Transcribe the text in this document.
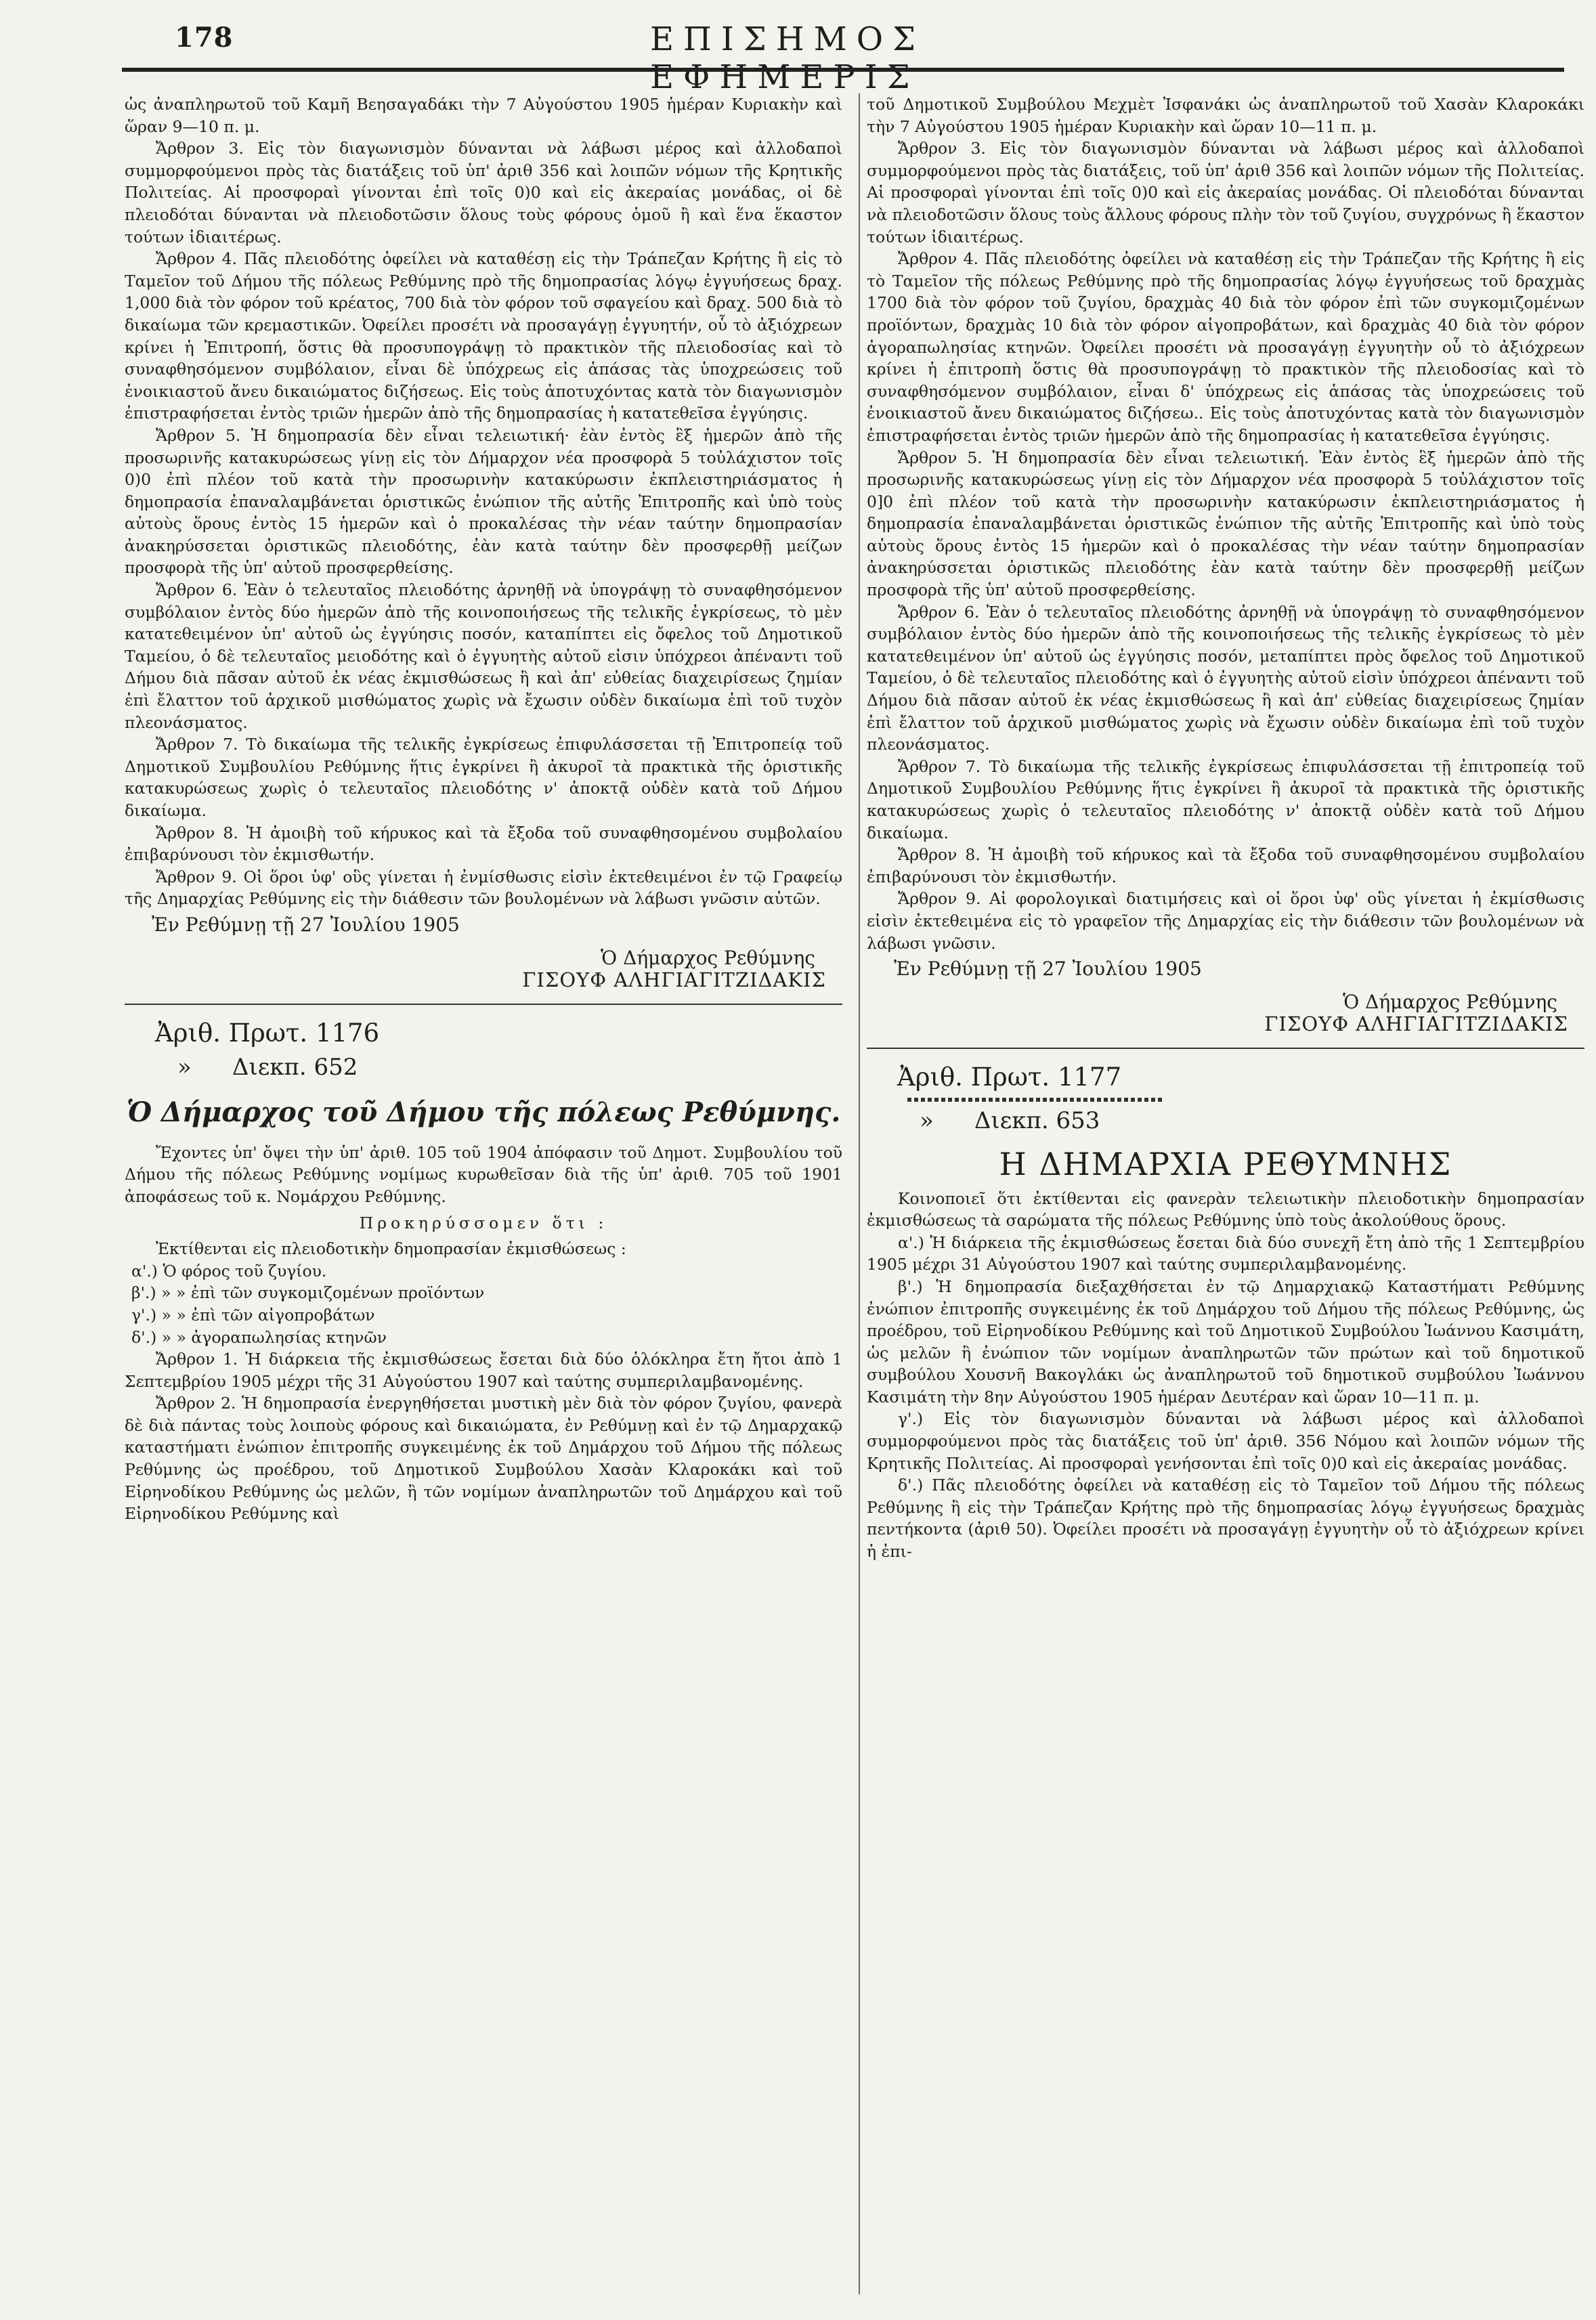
178	ΕΠΙΣΗΜΟΣ ΕΦΗΜΕΡΙΣ

ὡς ἀναπληρωτοῦ τοῦ Καμῆ Βεησαγαδάκι τὴν 7 Αὐγούστου 1905 ἡμέραν Κυριακὴν καὶ ὥραν 9—10 π. μ.

Ἄρθρον 3. Εἰς τὸν διαγωνισμὸν δύνανται νὰ λάβωσι μέρος καὶ ἀλλοδαποὶ συμμορφούμενοι πρὸς τὰς διατάξεις τοῦ ὑπ' ἀριθ 356 καὶ λοιπῶν νόμων τῆς Κρητικῆς Πολιτείας. Αἱ προσφοραὶ γίνονται ἐπὶ τοῖς 0)0 καὶ εἰς ἀκεραίας μονάδας, οἱ δὲ πλειοδόται δύνανται νὰ πλειοδοτῶσιν ὅλους τοὺς φόρους ὁμοῦ ἢ καὶ ἕνα ἕκαστον τούτων ἰδιαιτέρως.

Ἄρθρον 4. Πᾶς πλειοδότης ὀφείλει νὰ καταθέσῃ εἰς τὴν Τράπεζαν Κρήτης ἢ εἰς τὸ Ταμεῖον τοῦ Δήμου τῆς πόλεως Ρεθύμνης πρὸ τῆς δημοπρασίας λόγῳ ἐγγυήσεως δραχ. 1,000 διὰ τὸν φόρον τοῦ κρέατος, 700 διὰ τὸν φόρον τοῦ σφαγείου καὶ δραχ. 500 διὰ τὸ δικαίωμα τῶν κρεμαστικῶν. Ὀφείλει προσέτι νὰ προσαγάγῃ ἐγγυητήν, οὗ τὸ ἀξιόχρεων κρίνει ἡ Ἐπιτροπή, ὅστις θὰ προσυπογράψῃ τὸ πρακτικὸν τῆς πλειοδοσίας καὶ τὸ συναφθησόμενον συμβόλαιον, εἶναι δὲ ὑπόχρεως εἰς ἁπάσας τὰς ὑποχρεώσεις τοῦ ἐνοικιαστοῦ ἄνευ δικαιώματος διζήσεως. Εἰς τοὺς ἀποτυχόντας κατὰ τὸν διαγωνισμὸν ἐπιστραφήσεται ἐντὸς τριῶν ἡμερῶν ἀπὸ τῆς δημοπρασίας ἡ κατατεθεῖσα ἐγγύησις.

Ἄρθρον 5. Ἡ δημοπρασία δὲν εἶναι τελειωτική· ἐὰν ἐντὸς ἓξ ἡμερῶν ἀπὸ τῆς προσωρινῆς κατακυρώσεως γίνῃ εἰς τὸν Δήμαρχον νέα προσφορὰ 5 τοὐλάχιστον τοῖς 0)0 ἐπὶ πλέον τοῦ κατὰ τὴν προσωρινὴν κατακύρωσιν ἐκπλειστηριάσματος ἡ δημοπρασία ἐπαναλαμβάνεται ὁριστικῶς ἐνώπιον τῆς αὐτῆς Ἐπιτροπῆς καὶ ὑπὸ τοὺς αὐτοὺς ὅρους ἐντὸς 15 ἡμερῶν καὶ ὁ προκαλέσας τὴν νέαν ταύτην δημοπρασίαν ἀνακηρύσσεται ὁριστικῶς πλειοδότης, ἐὰν κατὰ ταύτην δὲν προσφερθῇ μείζων προσφορὰ τῆς ὑπ' αὐτοῦ προσφερθείσης.

Ἄρθρον 6. Ἐὰν ὁ τελευταῖος πλειοδότης ἀρνηθῇ νὰ ὑπογράψῃ τὸ συναφθησόμενον συμβόλαιον ἐντὸς δύο ἡμερῶν ἀπὸ τῆς κοινοποιήσεως τῆς τελικῆς ἐγκρίσεως, τὸ μὲν κατατεθειμένον ὑπ' αὐτοῦ ὡς ἐγγύησις ποσόν, καταπίπτει εἰς ὄφελος τοῦ Δημοτικοῦ Ταμείου, ὁ δὲ τελευταῖος μειοδότης καὶ ὁ ἐγγυητὴς αὐτοῦ εἰσιν ὑπόχρεοι ἀπέναντι τοῦ Δήμου διὰ πᾶσαν αὐτοῦ ἐκ νέας ἐκμισθώσεως ἢ καὶ ἀπ' εὐθείας διαχειρίσεως ζημίαν ἐπὶ ἔλαττον τοῦ ἀρχικοῦ μισθώματος χωρὶς νὰ ἔχωσιν οὐδὲν δικαίωμα ἐπὶ τοῦ τυχὸν πλεονάσματος.

Ἄρθρον 7. Τὸ δικαίωμα τῆς τελικῆς ἐγκρίσεως ἐπιφυλάσσεται τῇ Ἐπιτροπείᾳ τοῦ Δημοτικοῦ Συμβουλίου Ρεθύμνης ἥτις ἐγκρίνει ἢ ἀκυροῖ τὰ πρακτικὰ τῆς ὁριστικῆς κατακυρώσεως χωρὶς ὁ τελευταῖος πλειοδότης ν' ἀποκτᾷ οὐδὲν κατὰ τοῦ Δήμου δικαίωμα.

Ἄρθρον 8. Ἡ ἀμοιβὴ τοῦ κήρυκος καὶ τὰ ἔξοδα τοῦ συναφθησομένου συμβολαίου ἐπιβαρύνουσι τὸν ἐκμισθωτήν.

Ἄρθρον 9. Οἱ ὅροι ὑφ' οὓς γίνεται ἡ ἐνμίσθωσις εἰσὶν ἐκτεθειμένοι ἐν τῷ Γραφείῳ τῆς Δημαρχίας Ρεθύμνης εἰς τὴν διάθεσιν τῶν βουλομένων νὰ λάβωσι γνῶσιν αὐτῶν.

Ἐν Ρεθύμνῃ τῇ 27 Ἰουλίου 1905

Ὁ Δήμαρχος Ρεθύμνης

ΓΙΣΟΥΦ ΑΛΗΓΙΑΓΙΤΖΙΔΑΚΙΣ

Ἀριθ. Πρωτ. 1176

» Διεκπ. 652

Ὁ Δήμαρχος τοῦ Δήμου τῆς πόλεως Ρεθύμνης.

Ἔχοντες ὑπ' ὄψει τὴν ὑπ' ἀριθ. 105 τοῦ 1904 ἀπόφασιν τοῦ Δημοτ. Συμβουλίου τοῦ Δήμου τῆς πόλεως Ρεθύμνης νομίμως κυρωθεῖσαν διὰ τῆς ὑπ' ἀριθ. 705 τοῦ 1901 ἀποφάσεως τοῦ κ. Νομάρχου Ρεθύμνης.

Προκηρύσσομεν ὅτι :

Ἐκτίθενται εἰς πλειοδοτικὴν δημοπρασίαν ἐκμισθώσεως :

α'.) Ὁ φόρος τοῦ ζυγίου.

β'.) » » ἐπὶ τῶν συγκομιζομένων προϊόντων

γ'.) » » ἐπὶ τῶν αἰγοπροβάτων

δ'.) » » ἀγοραπωλησίας κτηνῶν

Ἄρθρον 1. Ἡ διάρκεια τῆς ἐκμισθώσεως ἔσεται διὰ δύο ὁλόκληρα ἔτη ἤτοι ἀπὸ 1 Σεπτεμβρίου 1905 μέχρι τῆς 31 Αὐγούστου 1907 καὶ ταύτης συμπεριλαμβανομένης.

Ἄρθρον 2. Ἡ δημοπρασία ἐνεργηθήσεται μυστικὴ μὲν διὰ τὸν φόρον ζυγίου, φανερὰ δὲ διὰ πάντας τοὺς λοιποὺς φόρους καὶ δικαιώματα, ἐν Ρεθύμνῃ καὶ ἐν τῷ Δημαρχακῷ καταστήματι ἐνώπιον ἐπιτροπῆς συγκειμένης ἐκ τοῦ Δημάρχου τοῦ Δήμου τῆς πόλεως Ρεθύμνης ὡς προέδρου, τοῦ Δημοτικοῦ Συμβούλου Χασὰν Κλαροκάκι καὶ τοῦ Εἰρηνοδίκου Ρεθύμνης ὡς μελῶν, ἢ τῶν νομίμων ἀναπληρωτῶν τοῦ Δημάρχου καὶ τοῦ Εἰρηνοδίκου Ρεθύμνης καὶ

τοῦ Δημοτικοῦ Συμβούλου Μεχμὲτ Ἰσφανάκι ὡς ἀναπληρωτοῦ τοῦ Χασὰν Κλαροκάκι τὴν 7 Αὐγούστου 1905 ἡμέραν Κυριακὴν καὶ ὥραν 10—11 π. μ.

Ἄρθρον 3. Εἰς τὸν διαγωνισμὸν δύνανται νὰ λάβωσι μέρος καὶ ἀλλοδαποὶ συμμορφούμενοι πρὸς τὰς διατάξεις, τοῦ ὑπ' ἀριθ 356 καὶ λοιπῶν νόμων τῆς Πολιτείας. Αἱ προσφοραὶ γίνονται ἐπὶ τοῖς 0)0 καὶ εἰς ἀκεραίας μονάδας. Οἱ πλειοδόται δύνανται νὰ πλειοδοτῶσιν ὅλους τοὺς ἄλλους φόρους πλὴν τὸν τοῦ ζυγίου, συγχρόνως ἢ ἕκαστον τούτων ἰδιαιτέρως.

Ἄρθρον 4. Πᾶς πλειοδότης ὀφείλει νὰ καταθέσῃ εἰς τὴν Τράπεζαν τῆς Κρήτης ἢ εἰς τὸ Ταμεῖον τῆς πόλεως Ρεθύμνης πρὸ τῆς δημοπρασίας λόγῳ ἐγγυήσεως τοῦ δραχμὰς 1700 διὰ τὸν φόρον τοῦ ζυγίου, δραχμὰς 40 διὰ τὸν φόρον ἐπὶ τῶν συγκομιζομένων προϊόντων, δραχμὰς 10 διὰ τὸν φόρον αἰγοπροβάτων, καὶ δραχμὰς 40 διὰ τὸν φόρον ἀγοραπωλησίας κτηνῶν. Ὀφείλει προσέτι νὰ προσαγάγῃ ἐγγυητὴν οὗ τὸ ἀξιόχρεων κρίνει ἡ ἐπιτροπὴ ὅστις θὰ προσυπογράψῃ τὸ πρακτικὸν τῆς πλειοδοσίας καὶ τὸ συναφθησόμενον συμβόλαιον, εἶναι δ' ὑπόχρεως εἰς ἁπάσας τὰς ὑποχρεώσεις τοῦ ἐνοικιαστοῦ ἄνευ δικαιώματος διζήσεω.. Εἰς τοὺς ἀποτυχόντας κατὰ τὸν διαγωνισμὸν ἐπιστραφήσεται ἐντὸς τριῶν ἡμερῶν ἀπὸ τῆς δημοπρασίας ἡ κατατεθεῖσα ἐγγύησις.

Ἄρθρον 5. Ἡ δημοπρασία δὲν εἶναι τελειωτική. Ἐὰν ἐντὸς ἓξ ἡμερῶν ἀπὸ τῆς προσωρινῆς κατακυρώσεως γίνῃ εἰς τὸν Δήμαρχον νέα προσφορὰ 5 τοὐλάχιστον τοῖς 0]0 ἐπὶ πλέον τοῦ κατὰ τὴν προσωρινὴν κατακύρωσιν ἐκπλειστηριάσματος ἡ δημοπρασία ἐπαναλαμβάνεται ὁριστικῶς ἐνώπιον τῆς αὐτῆς Ἐπιτροπῆς καὶ ὑπὸ τοὺς αὐτοὺς ὅρους ἐντὸς 15 ἡμερῶν καὶ ὁ προκαλέσας τὴν νέαν ταύτην δημοπρασίαν ἀνακηρύσσεται ὁριστικῶς πλειοδότης ἐὰν κατὰ ταύτην δὲν προσφερθῇ μείζων προσφορὰ τῆς ὑπ' αὐτοῦ προσφερθείσης.

Ἄρθρον 6. Ἐὰν ὁ τελευταῖος πλειοδότης ἀρνηθῇ νὰ ὑπογράψῃ τὸ συναφθησόμενον συμβόλαιον ἐντὸς δύο ἡμερῶν ἀπὸ τῆς κοινοποιήσεως τῆς τελικῆς ἐγκρίσεως τὸ μὲν κατατεθειμένον ὑπ' αὐτοῦ ὡς ἐγγύησις ποσόν, μεταπίπτει πρὸς ὄφελος τοῦ Δημοτικοῦ Ταμείου, ὁ δὲ τελευταῖος πλειοδότης καὶ ὁ ἐγγυητὴς αὐτοῦ εἰσὶν ὑπόχρεοι ἀπέναντι τοῦ Δήμου διὰ πᾶσαν αὐτοῦ ἐκ νέας ἐκμισθώσεως ἢ καὶ ἀπ' εὐθείας διαχειρίσεως ζημίαν ἐπὶ ἔλαττον τοῦ ἀρχικοῦ μισθώματος χωρὶς νὰ ἔχωσιν οὐδὲν δικαίωμα ἐπὶ τοῦ τυχὸν πλεονάσματος.

Ἄρθρον 7. Τὸ δικαίωμα τῆς τελικῆς ἐγκρίσεως ἐπιφυλάσσεται τῇ ἐπιτροπείᾳ τοῦ Δημοτικοῦ Συμβουλίου Ρεθύμνης ἥτις ἐγκρίνει ἢ ἀκυροῖ τὰ πρακτικὰ τῆς ὁριστικῆς κατακυρώσεως χωρὶς ὁ τελευταῖος πλειοδότης ν' ἀποκτᾷ οὐδὲν κατὰ τοῦ Δήμου δικαίωμα.

Ἄρθρον 8. Ἡ ἀμοιβὴ τοῦ κήρυκος καὶ τὰ ἔξοδα τοῦ συναφθησομένου συμβολαίου ἐπιβαρύνουσι τὸν ἐκμισθωτήν.

Ἄρθρον 9. Αἱ φορολογικαὶ διατιμήσεις καὶ οἱ ὅροι ὑφ' οὓς γίνεται ἡ ἐκμίσθωσις εἰσὶν ἐκτεθειμένα εἰς τὸ γραφεῖον τῆς Δημαρχίας εἰς τὴν διάθεσιν τῶν βουλομένων νὰ λάβωσι γνῶσιν.

Ἐν Ρεθύμνῃ τῇ 27 Ἰουλίου 1905

Ὁ Δήμαρχος Ρεθύμνης

ΓΙΣΟΥΦ ΑΛΗΓΙΑΓΙΤΖΙΔΑΚΙΣ

Ἀριθ. Πρωτ. 1177

» Διεκπ. 653

Η ΔΗΜΑΡΧΙΑ ΡΕΘΥΜΝΗΣ

Κοινοποιεῖ ὅτι ἐκτίθενται εἰς φανερὰν τελειωτικὴν πλειοδοτικὴν δημοπρασίαν ἐκμισθώσεως τὰ σαρώματα τῆς πόλεως Ρεθύμνης ὑπὸ τοὺς ἀκολούθους ὅρους.

α'.) Ἡ διάρκεια τῆς ἐκμισθώσεως ἔσεται διὰ δύο συνεχῆ ἔτη ἀπὸ τῆς 1 Σεπτεμβρίου 1905 μέχρι 31 Αὐγούστου 1907 καὶ ταύτης συμπεριλαμβανομένης.

β'.) Ἡ δημοπρασία διεξαχθήσεται ἐν τῷ Δημαρχιακῷ Καταστήματι Ρεθύμνης ἐνώπιον ἐπιτροπῆς συγκειμένης ἐκ τοῦ Δημάρχου τοῦ Δήμου τῆς πόλεως Ρεθύμνης, ὡς προέδρου, τοῦ Εἰρηνοδίκου Ρεθύμνης καὶ τοῦ Δημοτικοῦ Συμβούλου Ἰωάννου Κασιμάτη, ὡς μελῶν ἢ ἐνώπιον τῶν νομίμων ἀναπληρωτῶν τῶν πρώτων καὶ τοῦ δημοτικοῦ συμβούλου Χουσνῆ Βακογλάκι ὡς ἀναπληρωτοῦ τοῦ δημοτικοῦ συμβούλου Ἰωάννου Κασιμάτη τὴν 8ην Αὐγούστου 1905 ἡμέραν Δευτέραν καὶ ὥραν 10—11 π. μ.

γ'.) Εἰς τὸν διαγωνισμὸν δύνανται νὰ λάβωσι μέρος καὶ ἀλλοδαποὶ συμμορφούμενοι πρὸς τὰς διατάξεις τοῦ ὑπ' ἀριθ. 356 Νόμου καὶ λοιπῶν νόμων τῆς Κρητικῆς Πολιτείας. Αἱ προσφοραὶ γενήσονται ἐπὶ τοῖς 0)0 καὶ εἰς ἀκεραίας μονάδας.

δ'.) Πᾶς πλειοδότης ὀφείλει νὰ καταθέσῃ εἰς τὸ Ταμεῖον τοῦ Δήμου τῆς πόλεως Ρεθύμνης ἢ εἰς τὴν Τράπεζαν Κρήτης πρὸ τῆς δημοπρασίας λόγῳ ἐγγυήσεως δραχμὰς πεντήκοντα (ἀριθ 50). Ὀφείλει προσέτι νὰ προσαγάγῃ ἐγγυητὴν οὗ τὸ ἀξιόχρεων κρίνει ἡ ἐπι-
